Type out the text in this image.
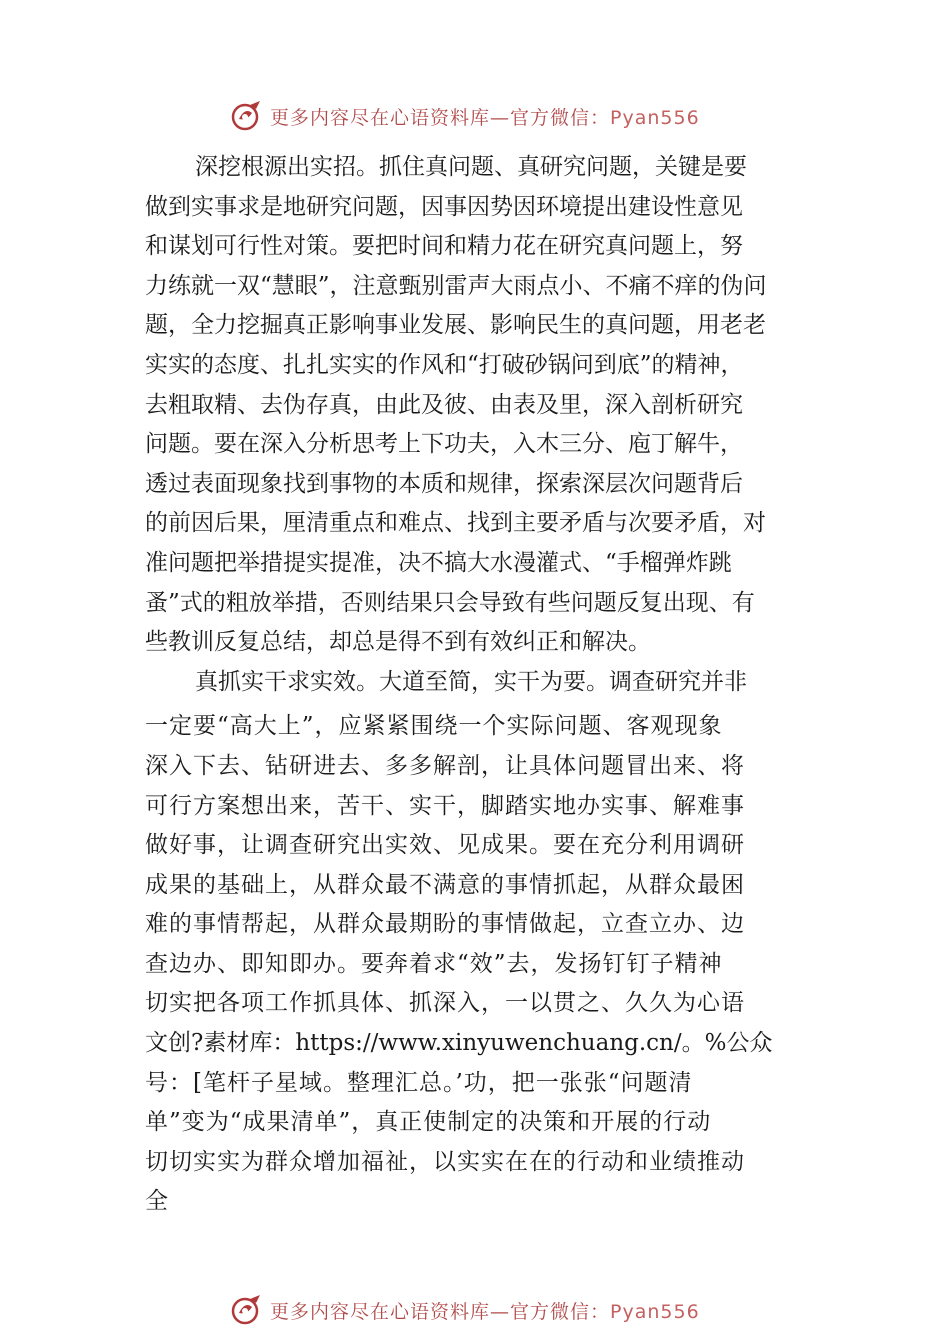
更多内容尽在心语资料库—官方微信：Pyan556
深挖根源出实招。抓住真问题、真研究问题，关键是要
做到实事求是地研究问题，因事因势因环境提出建设性意见
和谋划可行性对策。要把时间和精力花在研究真问题上，努
力练就一双“慧眼”，注意甄别雷声大雨点小、不痛不痒的伪问
题，全力挖掘真正影响事业发展、影响民生的真问题，用老老
实实的态度、扎扎实实的作风和“打破砂锅问到底”的精神，
去粗取精、去伪存真，由此及彼、由表及里，深入剖析研究
问题。要在深入分析思考上下功夫，入木三分、庖丁解牛，
透过表面现象找到事物的本质和规律，探索深层次问题背后
的前因后果，厘清重点和难点、找到主要矛盾与次要矛盾，对
准问题把举措提实提准，决不搞大水漫灌式、“手榴弹炸跳
蚤”式的粗放举措，否则结果只会导致有些问题反复出现、有
些教训反复总结，却总是得不到有效纠正和解决。
真抓实干求实效。大道至简，实干为要。调查研究并非
一定要“高大上”，应紧紧围绕一个实际问题、客观现象
深入下去、钻研进去、多多解剖，让具体问题冒出来、将
可行方案想出来，苦干、实干，脚踏实地办实事、解难事
做好事，让调查研究出实效、见成果。要在充分利用调研
成果的基础上，从群众最不满意的事情抓起，从群众最困
难的事情帮起，从群众最期盼的事情做起，立查立办、边
查边办、即知即办。要奔着求“效”去，发扬钉钉子精神
切实把各项工作抓具体、抓深入，一以贯之、久久为心语
文创?素材库：https://www.xinyuwenchuang.cn/。%公众
号：[笔杆子星域。整理汇总。’功，把一张张“问题清
单”变为“成果清单”，真正使制定的决策和开展的行动
切切实实为群众增加福祉，以实实在在的行动和业绩推动
全
更多内容尽在心语资料库—官方微信：Pyan556
